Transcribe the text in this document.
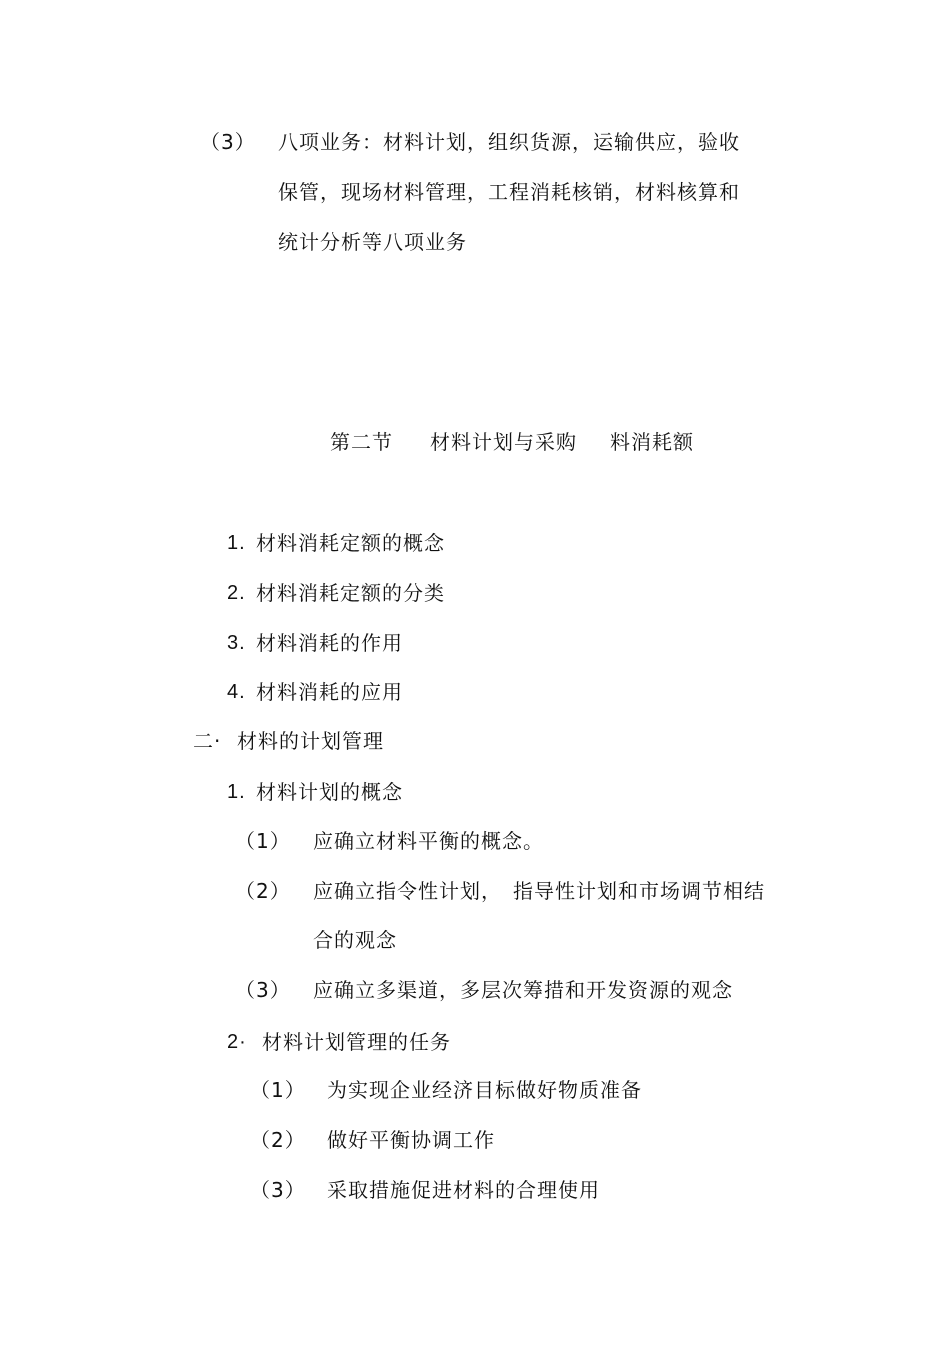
（3） 八项业务：材料计划，组织货源，运输供应，验收
保管，现场材料管理，工程消耗核销，材料核算和
统计分析等八项业务
第二节 材料计划与采购 料消耗额
1. 材料消耗定额的概念
2. 材料消耗定额的分类
3. 材料消耗的作用
4. 材料消耗的应用
二· 材料的计划管理
1. 材料计划的概念
（1） 应确立材料平衡的概念。
（2） 应确立指令性计划，　指导性计划和市场调节相结
合的观念
（3） 应确立多渠道，多层次筹措和开发资源的观念
2· 材料计划管理的任务
（1） 为实现企业经济目标做好物质准备
（2） 做好平衡协调工作
（3） 采取措施促进材料的合理使用
